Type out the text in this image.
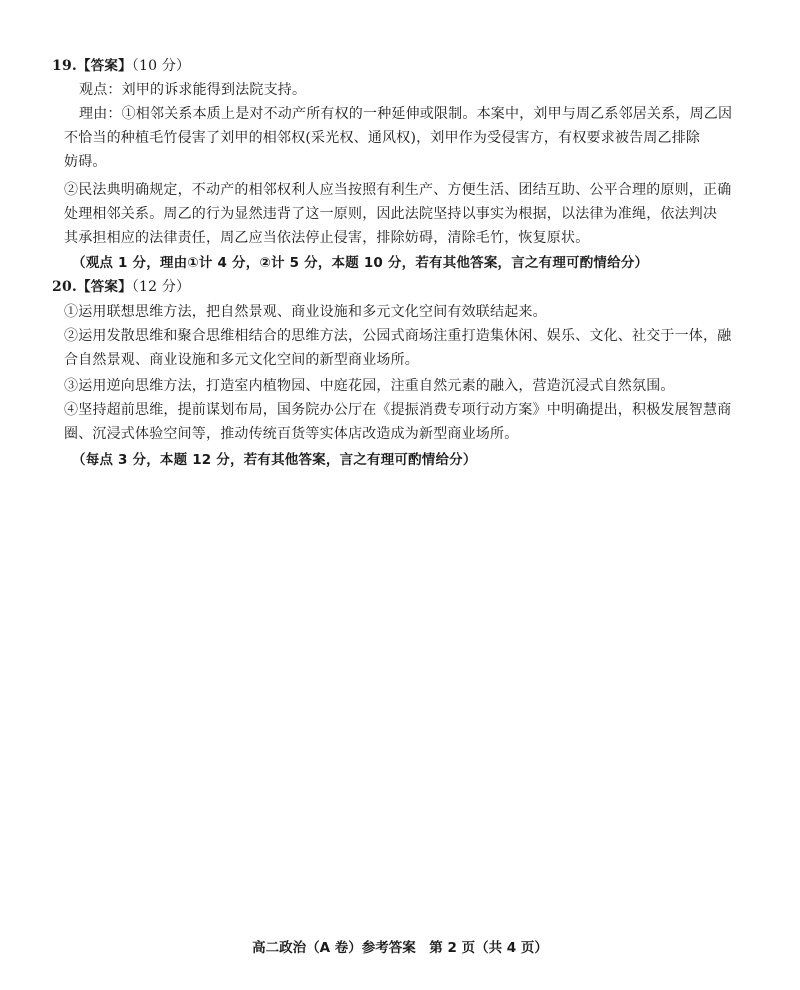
19.【答案】（10 分）
观点：刘甲的诉求能得到法院支持。
理由：①相邻关系本质上是对不动产所有权的一种延伸或限制。本案中，刘甲与周乙系邻居关系，周乙因
不恰当的种植毛竹侵害了刘甲的相邻权(采光权、通风权)，刘甲作为受侵害方，有权要求被告周乙排除
妨碍。
②民法典明确规定，不动产的相邻权利人应当按照有利生产、方便生活、团结互助、公平合理的原则，正确
处理相邻关系。周乙的行为显然违背了这一原则，因此法院坚持以事实为根据，以法律为准绳，依法判决
其承担相应的法律责任，周乙应当依法停止侵害，排除妨碍，清除毛竹，恢复原状。
（观点 1 分，理由①计 4 分，②计 5 分，本题 10 分，若有其他答案，言之有理可酌情给分）
20.【答案】（12 分）
①运用联想思维方法，把自然景观、商业设施和多元文化空间有效联结起来。
②运用发散思维和聚合思维相结合的思维方法，公园式商场注重打造集休闲、娱乐、文化、社交于一体，融
合自然景观、商业设施和多元文化空间的新型商业场所。
③运用逆向思维方法，打造室内植物园、中庭花园，注重自然元素的融入，营造沉浸式自然氛围。
④坚持超前思维，提前谋划布局，国务院办公厅在《提振消费专项行动方案》中明确提出，积极发展智慧商
圈、沉浸式体验空间等，推动传统百货等实体店改造成为新型商业场所。
（每点 3 分，本题 12 分，若有其他答案，言之有理可酌情给分）
高二政治（A 卷）参考答案　第 2 页（共 4 页）
